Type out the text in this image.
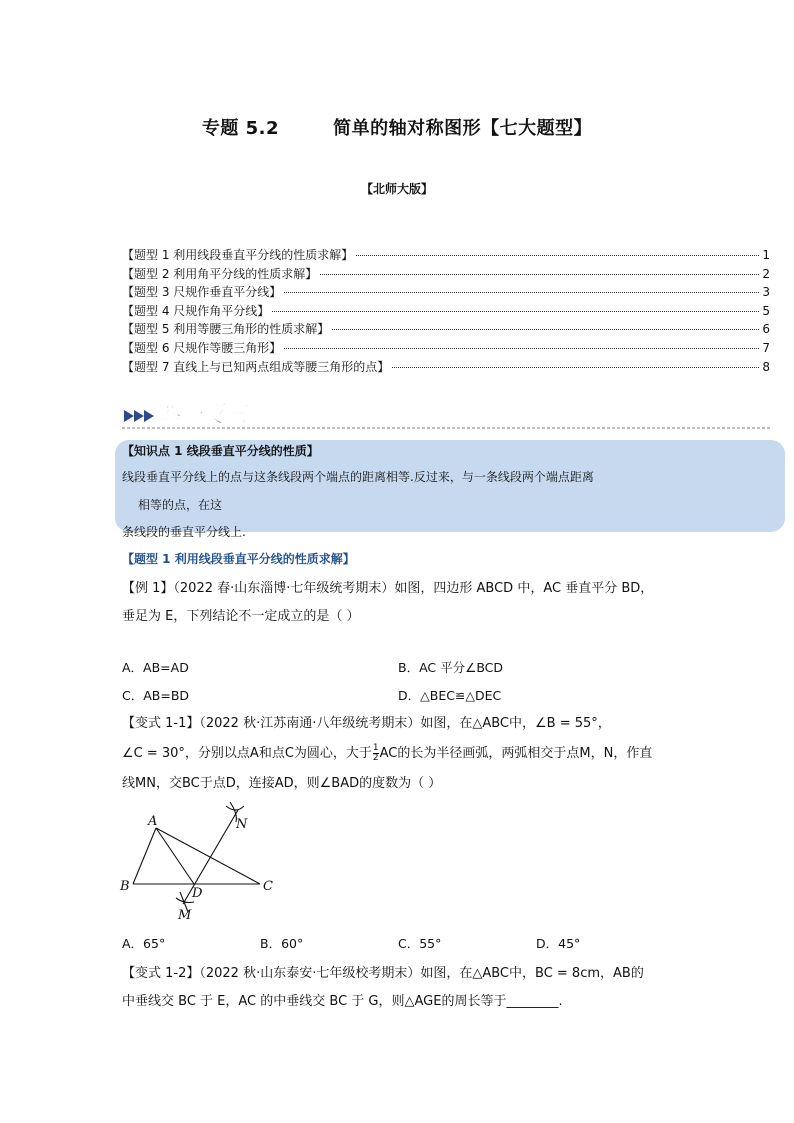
专题 5.2        简单的轴对称图形【七大题型】
【北师大版】
【题型 1 利用线段垂直平分线的性质求解】	1
【题型 2 利用角平分线的性质求解】	2
【题型 3 尺规作垂直平分线】	3
【题型 4 尺规作角平分线】	5
【题型 5 利用等腰三角形的性质求解】	6
【题型 6 尺规作等腰三角形】	7
【题型 7 直线上与已知两点组成等腰三角形的点】	8
举一反三
【知识点 1 线段垂直平分线的性质】
线段垂直平分线上的点与这条线段两个端点的距离相等.反过来，与一条线段两个端点距离
相等的点，在这
条线段的垂直平分线上.
【题型 1 利用线段垂直平分线的性质求解】
【例 1】（2022 春·山东淄博·七年级统考期末）如图，四边形 ABCD 中，AC 垂直平分 BD，
垂足为 E，下列结论不一定成立的是（ ）
A．AB=AD	B．AC 平分∠BCD
C．AB=BD	D．△BEC≌△DEC
【变式 1-1】（2022 秋·江苏南通·八年级统考期末）如图，在△ABC中，∠B = 55°，
∠C = 30°，分别以点A和点C为圆心，大于 $\frac{1}{2}$ AC的长为半径画弧，两弧相交于点M，N，作直
线MN，交BC于点D，连接AD，则∠BAD的度数为（ ）
A
B	C
D
M
N
A．65°	B．60°	C．55°	D．45°
【变式 1-2】（2022 秋·山东泰安·七年级校考期末）如图，在△ABC中，BC = 8cm，AB的
中垂线交 BC 于 E，AC 的中垂线交 BC 于 G，则△AGE的周长等于________.
